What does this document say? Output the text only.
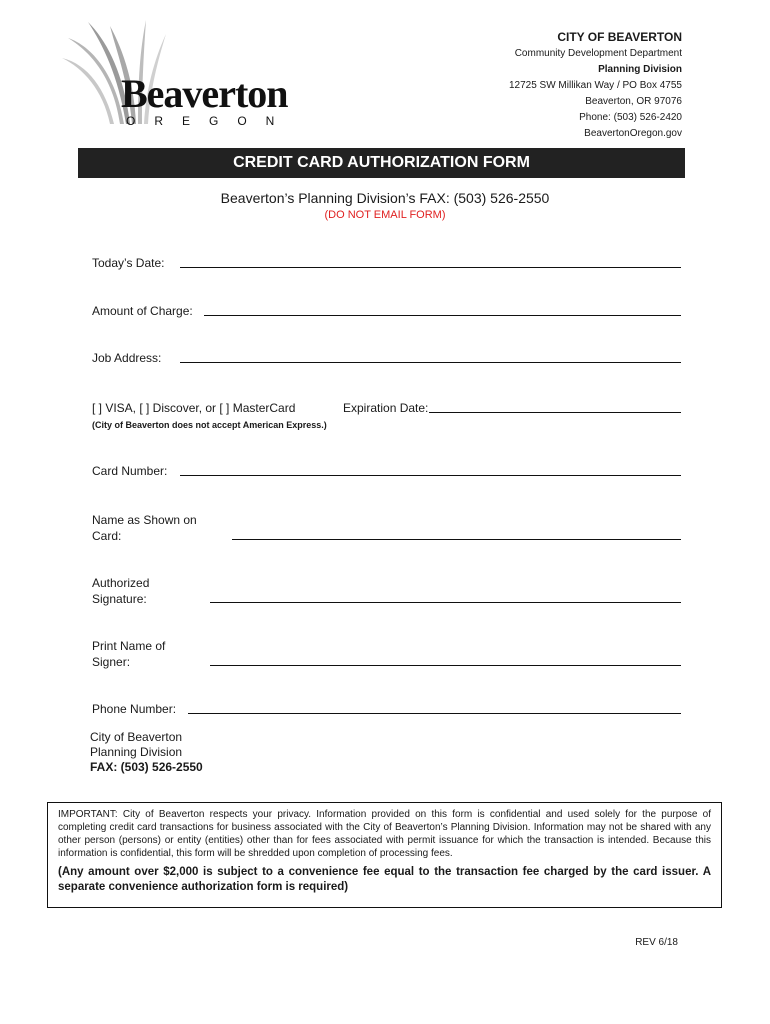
Beaverton
OREGON
CITY OF BEAVERTON
Community Development Department
Planning Division
12725 SW Millikan Way / PO Box 4755
Beaverton, OR 97076
Phone: (503) 526-2420
BeavertonOregon.gov
CREDIT CARD AUTHORIZATION FORM
Beaverton’s Planning Division’s FAX: (503) 526-2550
(DO NOT EMAIL FORM)
Today’s Date:
Amount of Charge:
Job Address:
[ ] VISA, [ ] Discover, or [ ] MasterCard	Expiration Date:
(City of Beaverton does not accept American Express.)
Card Number:
Name as Shown on
Card:
Authorized
Signature:
Print Name of
Signer:
Phone Number:
City of Beaverton
Planning Division
FAX: (503) 526-2550
IMPORTANT: City of Beaverton respects your privacy. Information provided on this form is confidential and used solely for the purpose of completing credit card transactions for business associated with the City of Beaverton’s Planning Division. Information may not be shared with any other person (persons) or entity (entities) other than for fees associated with permit issuance for which the transaction is intended. Because this information is confidential, this form will be shredded upon completion of processing fees.
(Any amount over $2,000 is subject to a convenience fee equal to the transaction fee charged by the card issuer. A separate convenience authorization form is required)
REV 6/18
